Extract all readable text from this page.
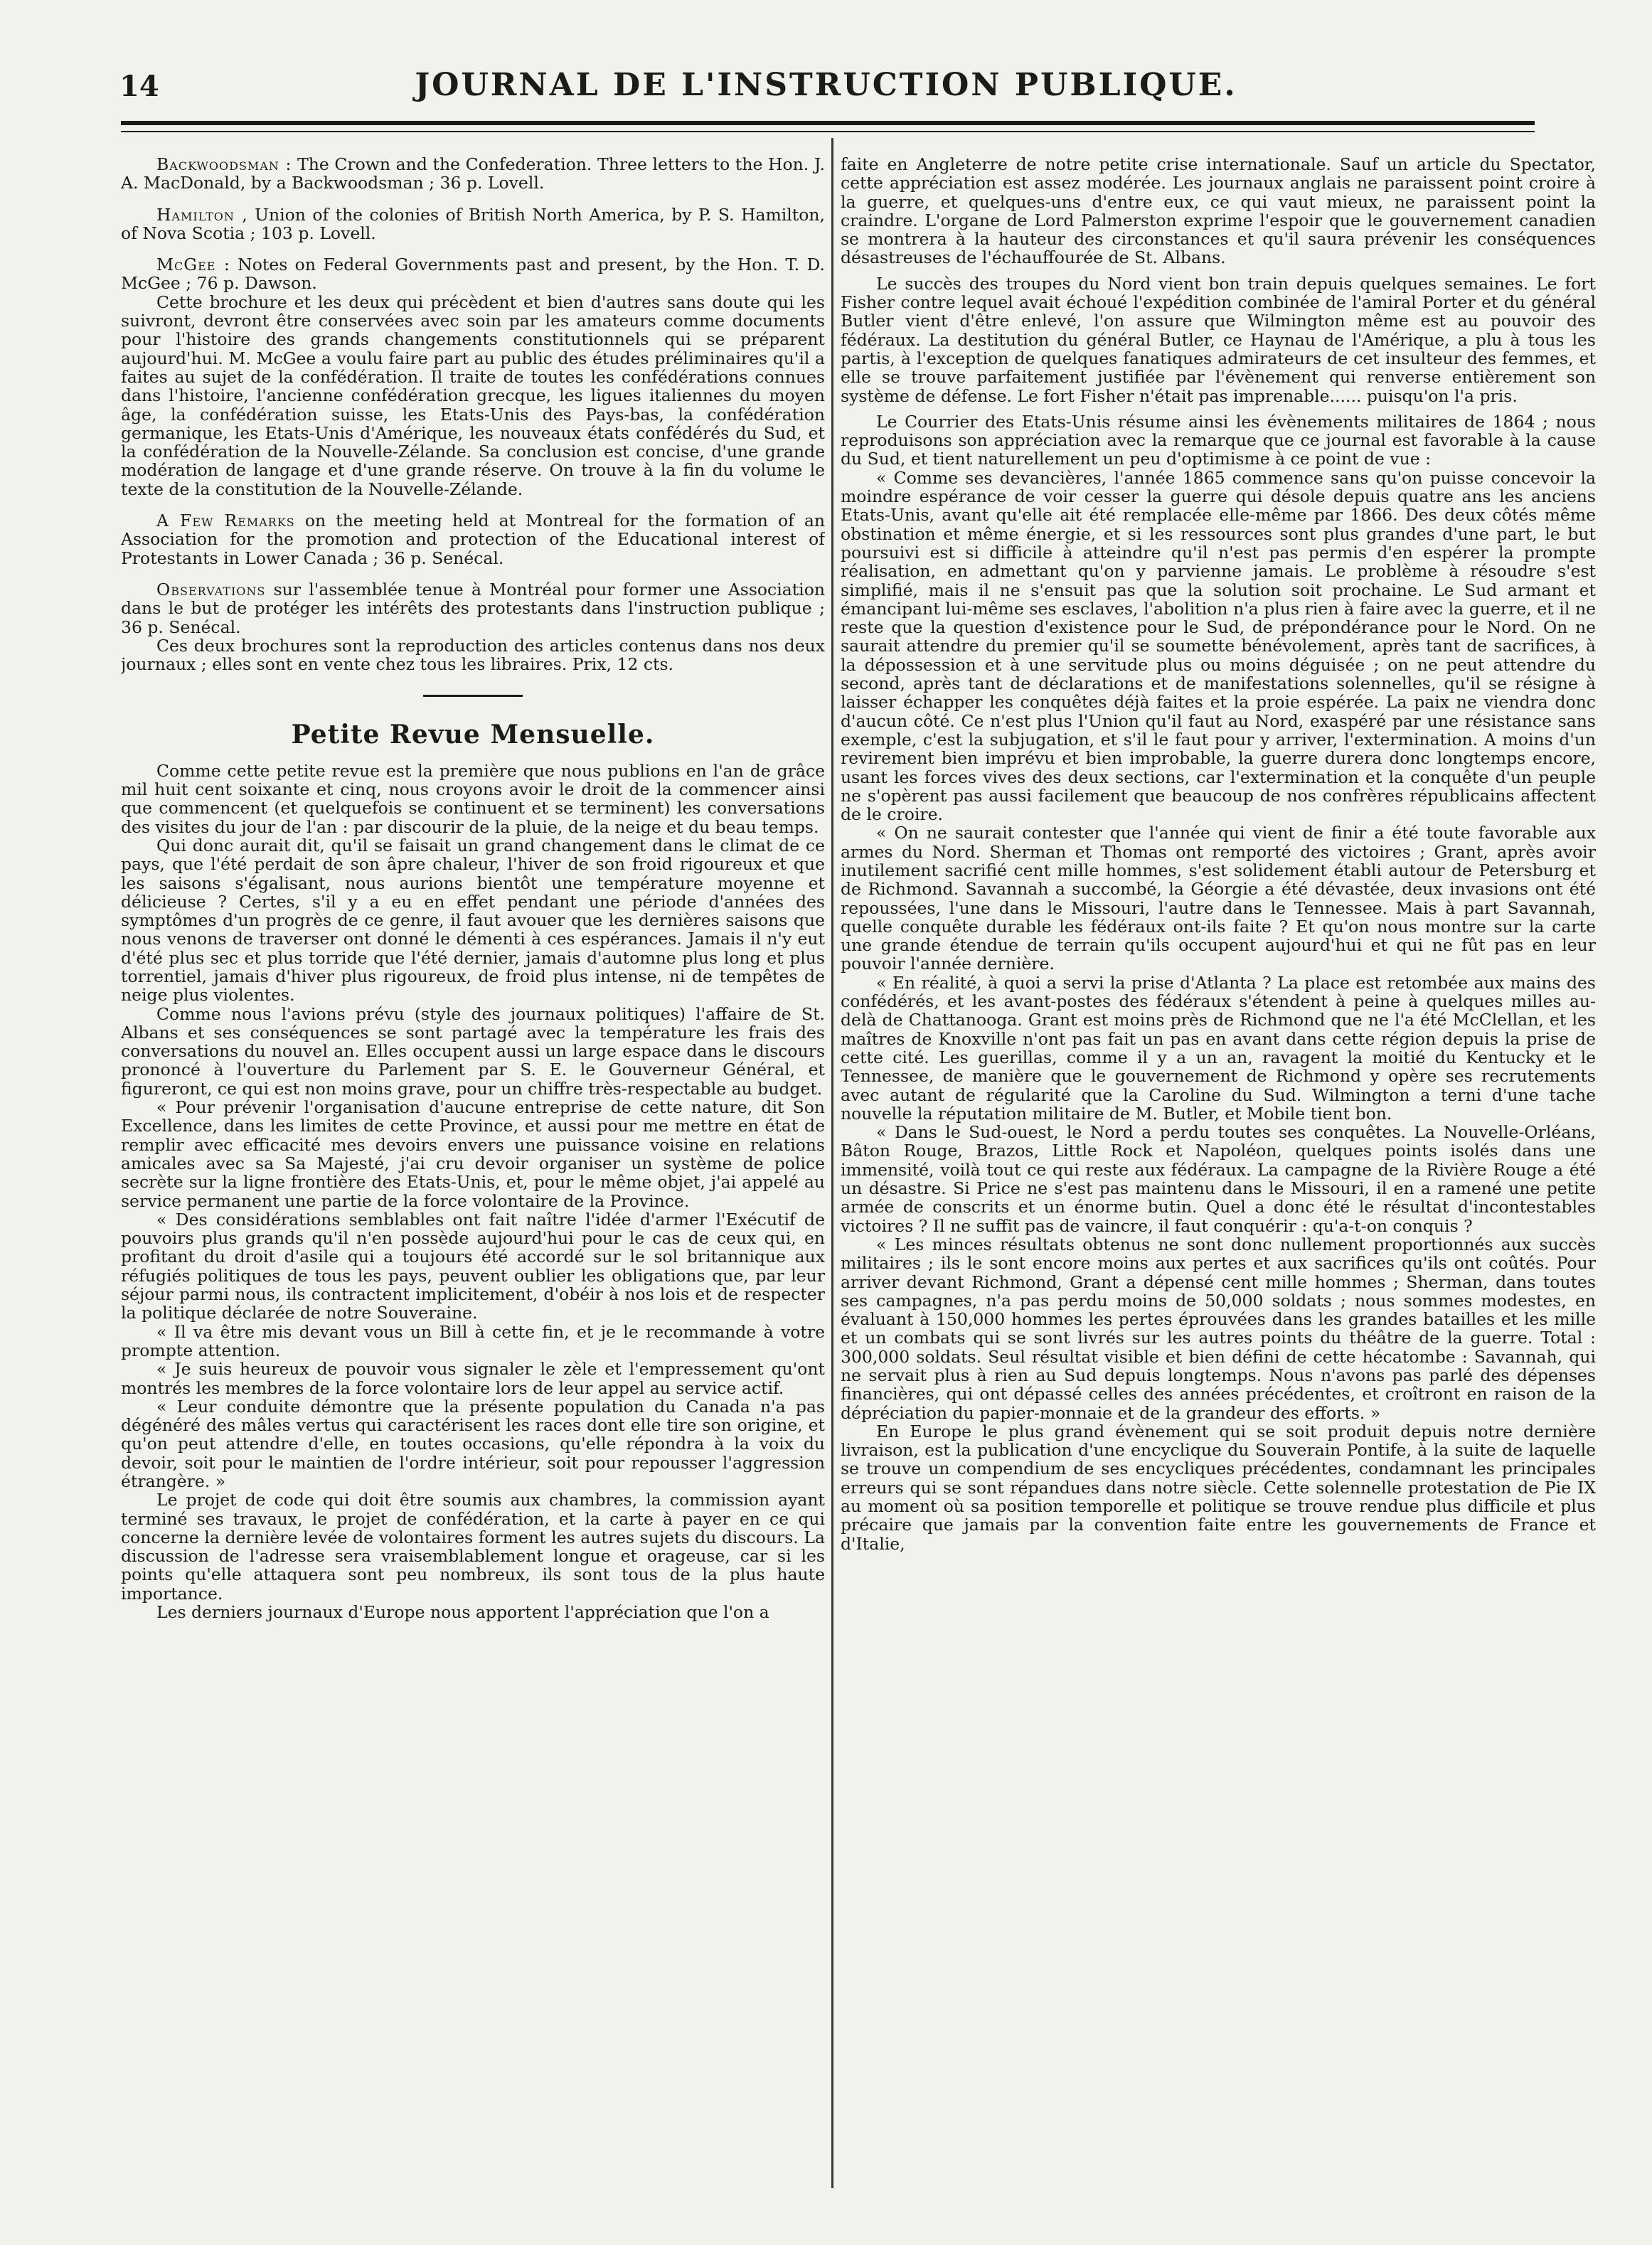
14	JOURNAL DE L'INSTRUCTION PUBLIQUE.

Backwoodsman : The Crown and the Confederation. Three letters to the Hon. J. A. MacDonald, by a Backwoodsman ; 36 p. Lovell.

Hamilton , Union of the colonies of British North America, by P. S. Hamilton, of Nova Scotia ; 103 p. Lovell.

McGee : Notes on Federal Governments past and present, by the Hon. T. D. McGee ; 76 p. Dawson.

Cette brochure et les deux qui précèdent et bien d'autres sans doute qui les suivront, devront être conservées avec soin par les amateurs comme documents pour l'histoire des grands changements constitutionnels qui se préparent aujourd'hui. M. McGee a voulu faire part au public des études préliminaires qu'il a faites au sujet de la confédération. Il traite de toutes les confédérations connues dans l'histoire, l'ancienne confédération grecque, les ligues italiennes du moyen âge, la confédération suisse, les Etats-Unis des Pays-bas, la confédération germanique, les Etats-Unis d'Amérique, les nouveaux états confédérés du Sud, et la confédération de la Nouvelle-Zélande. Sa conclusion est concise, d'une grande modération de langage et d'une grande réserve. On trouve à la fin du volume le texte de la constitution de la Nouvelle-Zélande.

A Few Remarks on the meeting held at Montreal for the formation of an Association for the promotion and protection of the Educational interest of Protestants in Lower Canada ; 36 p. Senécal.

Observations sur l'assemblée tenue à Montréal pour former une Association dans le but de protéger les intérêts des protestants dans l'instruction publique ; 36 p. Senécal.

Ces deux brochures sont la reproduction des articles contenus dans nos deux journaux ; elles sont en vente chez tous les libraires. Prix, 12 cts.

Petite Revue Mensuelle.

Comme cette petite revue est la première que nous publions en l'an de grâce mil huit cent soixante et cinq, nous croyons avoir le droit de la commencer ainsi que commencent (et quelquefois se continuent et se terminent) les conversations des visites du jour de l'an : par discourir de la pluie, de la neige et du beau temps.

Qui donc aurait dit, qu'il se faisait un grand changement dans le climat de ce pays, que l'été perdait de son âpre chaleur, l'hiver de son froid rigoureux et que les saisons s'égalisant, nous aurions bientôt une température moyenne et délicieuse ? Certes, s'il y a eu en effet pendant une période d'années des symptômes d'un progrès de ce genre, il faut avouer que les dernières saisons que nous venons de traverser ont donné le démenti à ces espérances. Jamais il n'y eut d'été plus sec et plus torride que l'été dernier, jamais d'automne plus long et plus torrentiel, jamais d'hiver plus rigoureux, de froid plus intense, ni de tempêtes de neige plus violentes.

Comme nous l'avions prévu (style des journaux politiques) l'affaire de St. Albans et ses conséquences se sont partagé avec la température les frais des conversations du nouvel an. Elles occupent aussi un large espace dans le discours prononcé à l'ouverture du Parlement par S. E. le Gouverneur Général, et figureront, ce qui est non moins grave, pour un chiffre très-respectable au budget.

« Pour prévenir l'organisation d'aucune entreprise de cette nature, dit Son Excellence, dans les limites de cette Province, et aussi pour me mettre en état de remplir avec efficacité mes devoirs envers une puissance voisine en relations amicales avec sa Sa Majesté, j'ai cru devoir organiser un système de police secrète sur la ligne frontière des Etats-Unis, et, pour le même objet, j'ai appelé au service permanent une partie de la force volontaire de la Province.

« Des considérations semblables ont fait naître l'idée d'armer l'Exécutif de pouvoirs plus grands qu'il n'en possède aujourd'hui pour le cas de ceux qui, en profitant du droit d'asile qui a toujours été accordé sur le sol britannique aux réfugiés politiques de tous les pays, peuvent oublier les obligations que, par leur séjour parmi nous, ils contractent implicitement, d'obéir à nos lois et de respecter la politique déclarée de notre Souveraine.

« Il va être mis devant vous un Bill à cette fin, et je le recommande à votre prompte attention.

« Je suis heureux de pouvoir vous signaler le zèle et l'empressement qu'ont montrés les membres de la force volontaire lors de leur appel au service actif.

« Leur conduite démontre que la présente population du Canada n'a pas dégénéré des mâles vertus qui caractérisent les races dont elle tire son origine, et qu'on peut attendre d'elle, en toutes occasions, qu'elle répondra à la voix du devoir, soit pour le maintien de l'ordre intérieur, soit pour repousser l'aggression étrangère. »

Le projet de code qui doit être soumis aux chambres, la commission ayant terminé ses travaux, le projet de confédération, et la carte à payer en ce qui concerne la dernière levée de volontaires forment les autres sujets du discours. La discussion de l'adresse sera vraisemblablement longue et orageuse, car si les points qu'elle attaquera sont peu nombreux, ils sont tous de la plus haute importance.

Les derniers journaux d'Europe nous apportent l'appréciation que l'on a

faite en Angleterre de notre petite crise internationale. Sauf un article du Spectator, cette appréciation est assez modérée. Les journaux anglais ne paraissent point croire à la guerre, et quelques-uns d'entre eux, ce qui vaut mieux, ne paraissent point la craindre. L'organe de Lord Palmerston exprime l'espoir que le gouvernement canadien se montrera à la hauteur des circonstances et qu'il saura prévenir les conséquences désastreuses de l'échauffourée de St. Albans.

Le succès des troupes du Nord vient bon train depuis quelques semaines. Le fort Fisher contre lequel avait échoué l'expédition combinée de l'amiral Porter et du général Butler vient d'être enlevé, l'on assure que Wilmington même est au pouvoir des fédéraux. La destitution du général Butler, ce Haynau de l'Amérique, a plu à tous les partis, à l'exception de quelques fanatiques admirateurs de cet insulteur des femmes, et elle se trouve parfaitement justifiée par l'évènement qui renverse entièrement son système de défense. Le fort Fisher n'était pas imprenable...... puisqu'on l'a pris.

Le Courrier des Etats-Unis résume ainsi les évènements militaires de 1864 ; nous reproduisons son appréciation avec la remarque que ce journal est favorable à la cause du Sud, et tient naturellement un peu d'optimisme à ce point de vue :

« Comme ses devancières, l'année 1865 commence sans qu'on puisse concevoir la moindre espérance de voir cesser la guerre qui désole depuis quatre ans les anciens Etats-Unis, avant qu'elle ait été remplacée elle-même par 1866. Des deux côtés même obstination et même énergie, et si les ressources sont plus grandes d'une part, le but poursuivi est si difficile à atteindre qu'il n'est pas permis d'en espérer la prompte réalisation, en admettant qu'on y parvienne jamais. Le problème à résoudre s'est simplifié, mais il ne s'ensuit pas que la solution soit prochaine. Le Sud armant et émancipant lui-même ses esclaves, l'abolition n'a plus rien à faire avec la guerre, et il ne reste que la question d'existence pour le Sud, de prépondérance pour le Nord. On ne saurait attendre du premier qu'il se soumette bénévolement, après tant de sacrifices, à la dépossession et à une servitude plus ou moins déguisée ; on ne peut attendre du second, après tant de déclarations et de manifestations solennelles, qu'il se résigne à laisser échapper les conquêtes déjà faites et la proie espérée. La paix ne viendra donc d'aucun côté. Ce n'est plus l'Union qu'il faut au Nord, exaspéré par une résistance sans exemple, c'est la subjugation, et s'il le faut pour y arriver, l'extermination. A moins d'un revirement bien imprévu et bien improbable, la guerre durera donc longtemps encore, usant les forces vives des deux sections, car l'extermination et la conquête d'un peuple ne s'opèrent pas aussi facilement que beaucoup de nos confrères républicains affectent de le croire.

« On ne saurait contester que l'année qui vient de finir a été toute favorable aux armes du Nord. Sherman et Thomas ont remporté des victoires ; Grant, après avoir inutilement sacrifié cent mille hommes, s'est solidement établi autour de Petersburg et de Richmond. Savannah a succombé, la Géorgie a été dévastée, deux invasions ont été repoussées, l'une dans le Missouri, l'autre dans le Tennessee. Mais à part Savannah, quelle conquête durable les fédéraux ont-ils faite ? Et qu'on nous montre sur la carte une grande étendue de terrain qu'ils occupent aujourd'hui et qui ne fût pas en leur pouvoir l'année dernière.

« En réalité, à quoi a servi la prise d'Atlanta ? La place est retombée aux mains des confédérés, et les avant-postes des fédéraux s'étendent à peine à quelques milles au-delà de Chattanooga. Grant est moins près de Richmond que ne l'a été McClellan, et les maîtres de Knoxville n'ont pas fait un pas en avant dans cette région depuis la prise de cette cité. Les guerillas, comme il y a un an, ravagent la moitié du Kentucky et le Tennessee, de manière que le gouvernement de Richmond y opère ses recrutements avec autant de régularité que la Caroline du Sud. Wilmington a terni d'une tache nouvelle la réputation militaire de M. Butler, et Mobile tient bon.

« Dans le Sud-ouest, le Nord a perdu toutes ses conquêtes. La Nouvelle-Orléans, Bâton Rouge, Brazos, Little Rock et Napoléon, quelques points isolés dans une immensité, voilà tout ce qui reste aux fédéraux. La campagne de la Rivière Rouge a été un désastre. Si Price ne s'est pas maintenu dans le Missouri, il en a ramené une petite armée de conscrits et un énorme butin. Quel a donc été le résultat d'incontestables victoires ? Il ne suffit pas de vaincre, il faut conquérir : qu'a-t-on conquis ?

« Les minces résultats obtenus ne sont donc nullement proportionnés aux succès militaires ; ils le sont encore moins aux pertes et aux sacrifices qu'ils ont coûtés. Pour arriver devant Richmond, Grant a dépensé cent mille hommes ; Sherman, dans toutes ses campagnes, n'a pas perdu moins de 50,000 soldats ; nous sommes modestes, en évaluant à 150,000 hommes les pertes éprouvées dans les grandes batailles et les mille et un combats qui se sont livrés sur les autres points du théâtre de la guerre. Total : 300,000 soldats. Seul résultat visible et bien défini de cette hécatombe : Savannah, qui ne servait plus à rien au Sud depuis longtemps. Nous n'avons pas parlé des dépenses financières, qui ont dépassé celles des années précédentes, et croîtront en raison de la dépréciation du papier-monnaie et de la grandeur des efforts. »

En Europe le plus grand évènement qui se soit produit depuis notre dernière livraison, est la publication d'une encyclique du Souverain Pontife, à la suite de laquelle se trouve un compendium de ses encycliques précédentes, condamnant les principales erreurs qui se sont répandues dans notre siècle. Cette solennelle protestation de Pie IX au moment où sa position temporelle et politique se trouve rendue plus difficile et plus précaire que jamais par la convention faite entre les gouvernements de France et d'Italie,
